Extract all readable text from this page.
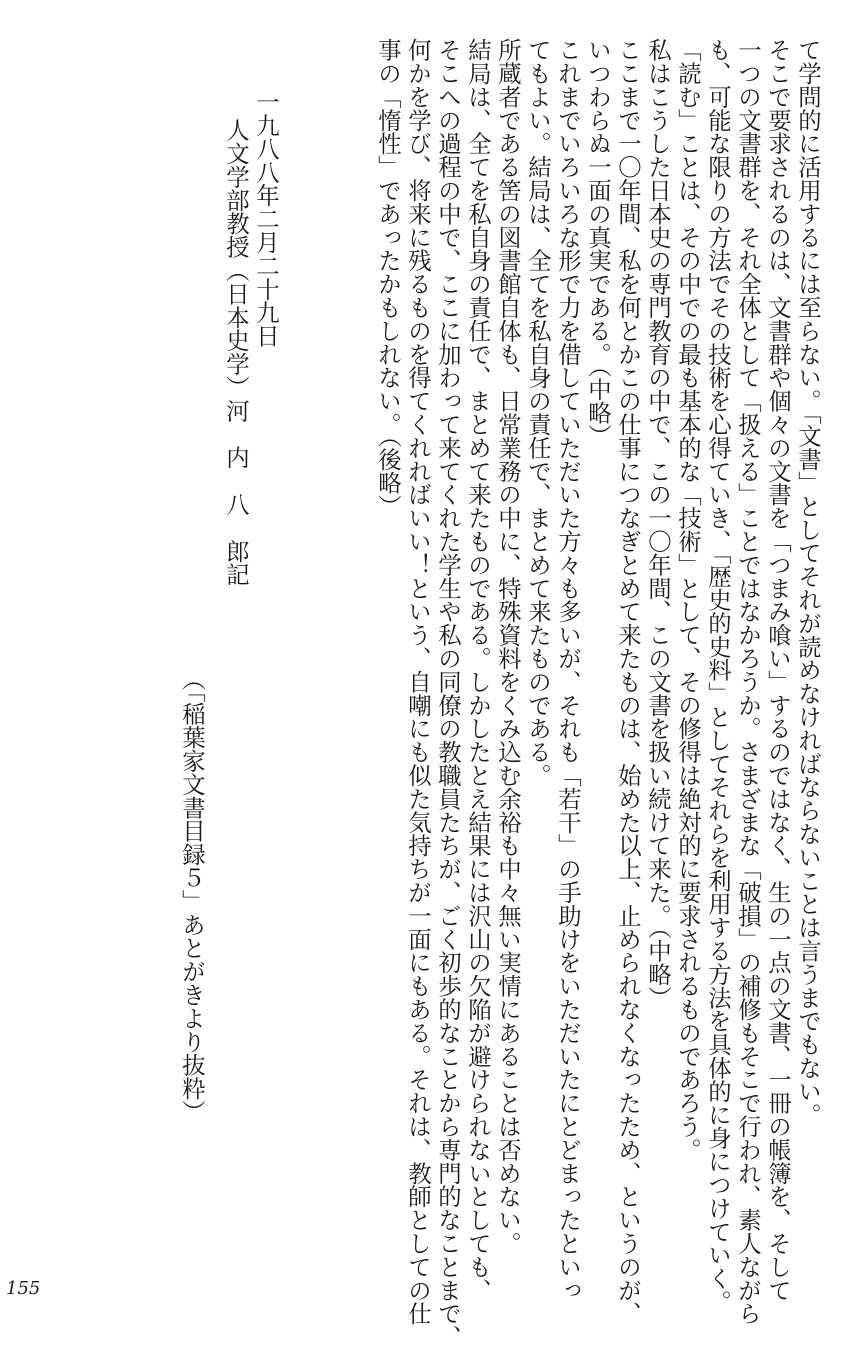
て学問的に活用するには至らない。「文書」としてそれが読めなければならないことは言うまでもない。
そこで要求されるのは、文書群や個々の文書を「つまみ喰い」するのではなく、生の一点の文書、一冊の帳簿を、そして
一つの文書群を、それ全体として「扱える」ことではなかろうか。さまざまな「破損」の補修もそこで行われ、素人ながら
も、可能な限りの方法でその技術を心得ていき、「歴史的史料」としてそれらを利用する方法を具体的に身につけていく。
「読む」ことは、その中での最も基本的な「技術」として、その修得は絶対的に要求されるものであろう。
私はこうした日本史の専門教育の中で、この一〇年間、この文書を扱い続けて来た。（中略）
ここまで一〇年間、私を何とかこの仕事につなぎとめて来たものは、始めた以上、止められなくなったため、というのが、
いつわらぬ一面の真実である。（中略）
これまでいろいろな形で力を借していただいた方々も多いが、それも「若干」の手助けをいただいたにとどまったといっ
てもよい。結局は、全てを私自身の責任で、まとめて来たものである。
所蔵者である筈の図書館自体も、日常業務の中に、特殊資料をくみ込む余裕も中々無い実情にあることは否めない。
結局は、全てを私自身の責任で、まとめて来たものである。しかしたとえ結果には沢山の欠陥が避けられないとしても、
そこへの過程の中で、ここに加わって来てくれた学生や私の同僚の教職員たちが、ごく初歩的なことから専門的なことまで、
何かを学び、将来に残るものを得てくれればいい！という、自嘲にも似た気持ちが一面にもある。それは、教師としての仕
事の「惰性」であったかもしれない。（後略）
一九八八年二月二十九日
人文学部教授（日本史学）河　内　八　郎記
（「稲葉家文書目録５」あとがきより抜粋）
155
